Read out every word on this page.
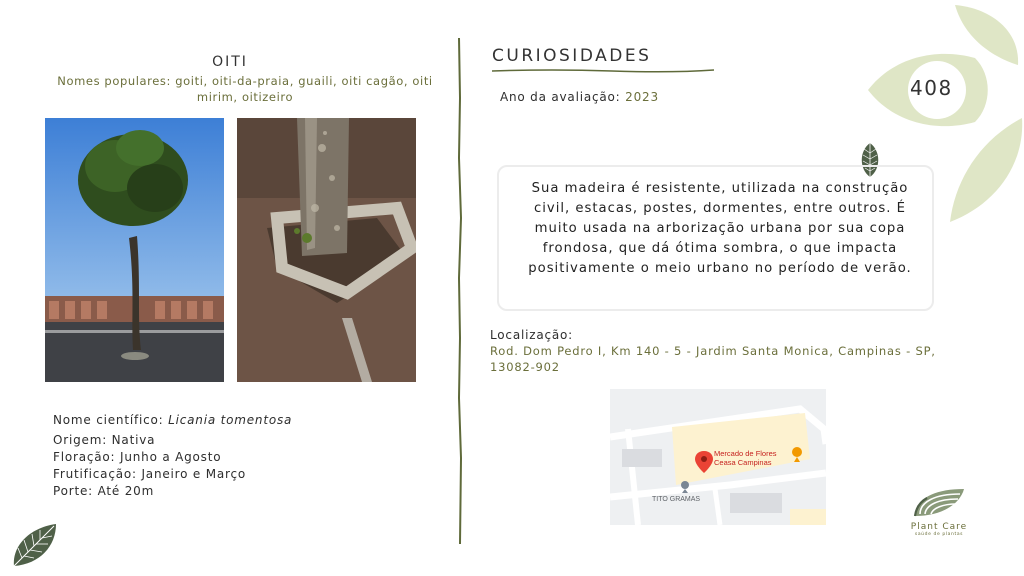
408
OITI
Nomes populares: goiti, oiti-da-praia, guaili, oiti cagão, oiti mirim, oitizeiro
Nome científico: Licania tomentosa
Origem: Nativa
Floração: Junho a Agosto
Frutificação: Janeiro e Março
Porte: Até 20m
CURIOSIDADES
Ano da avaliação: 2023
Sua madeira é resistente, utilizada na construção civil, estacas, postes, dormentes, entre outros. É muito usada na arborização urbana por sua copa frondosa, que dá ótima sombra, o que impacta positivamente o meio urbano no período de verão.
Localização:
Rod. Dom Pedro I, Km 140 - 5 - Jardim Santa Monica, Campinas - SP, 13082-902
Mercado de Flores
Ceasa Campinas
TITO GRAMAS
Plant Care
saúde de plantas
